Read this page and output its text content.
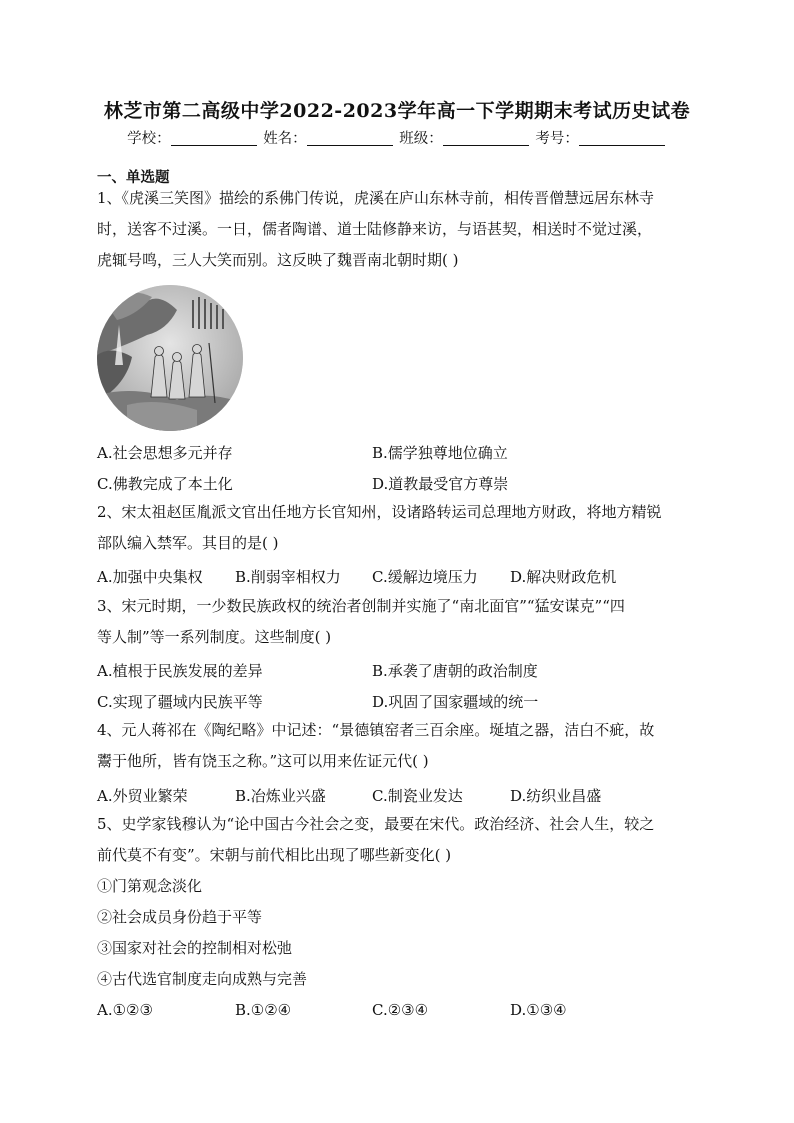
林芝市第二高级中学2022-2023学年高一下学期期末考试历史试卷
学校：	姓名：	班级：	考号：
一、单选题
1、《虎溪三笑图》描绘的系佛门传说，虎溪在庐山东林寺前，相传晋僧慧远居东林寺
时，送客不过溪。一日，儒者陶谱、道士陆修静来访，与语甚契，相送时不觉过溪，
虎辄号鸣，三人大笑而别。这反映了魏晋南北朝时期( )
A.社会思想多元并存	B.儒学独尊地位确立
C.佛教完成了本土化	D.道教最受官方尊崇
2、宋太祖赵匡胤派文官出任地方长官知州，设诸路转运司总理地方财政，将地方精锐
部队编入禁军。其目的是( )
A.加强中央集权 B.削弱宰相权力 C.缓解边境压力 D.解决财政危机
3、宋元时期，一少数民族政权的统治者创制并实施了“南北面官”“猛安谋克”“四
等人制”等一系列制度。这些制度( )
A.植根于民族发展的差异	B.承袭了唐朝的政治制度
C.实现了疆域内民族平等	D.巩固了国家疆域的统一
4、元人蒋祁在《陶纪略》中记述：“景德镇窑者三百余座。埏埴之器，洁白不疵，故
鬻于他所，皆有饶玉之称。”这可以用来佐证元代( )
A.外贸业繁荣	B.冶炼业兴盛	C.制瓷业发达	D.纺织业昌盛
5、史学家钱穆认为“论中国古今社会之变，最要在宋代。政治经济、社会人生，较之
前代莫不有变”。宋朝与前代相比出现了哪些新变化( )
①门第观念淡化
②社会成员身份趋于平等
③国家对社会的控制相对松弛
④古代选官制度走向成熟与完善
A.①②③	B.①②④	C.②③④	D.①③④
